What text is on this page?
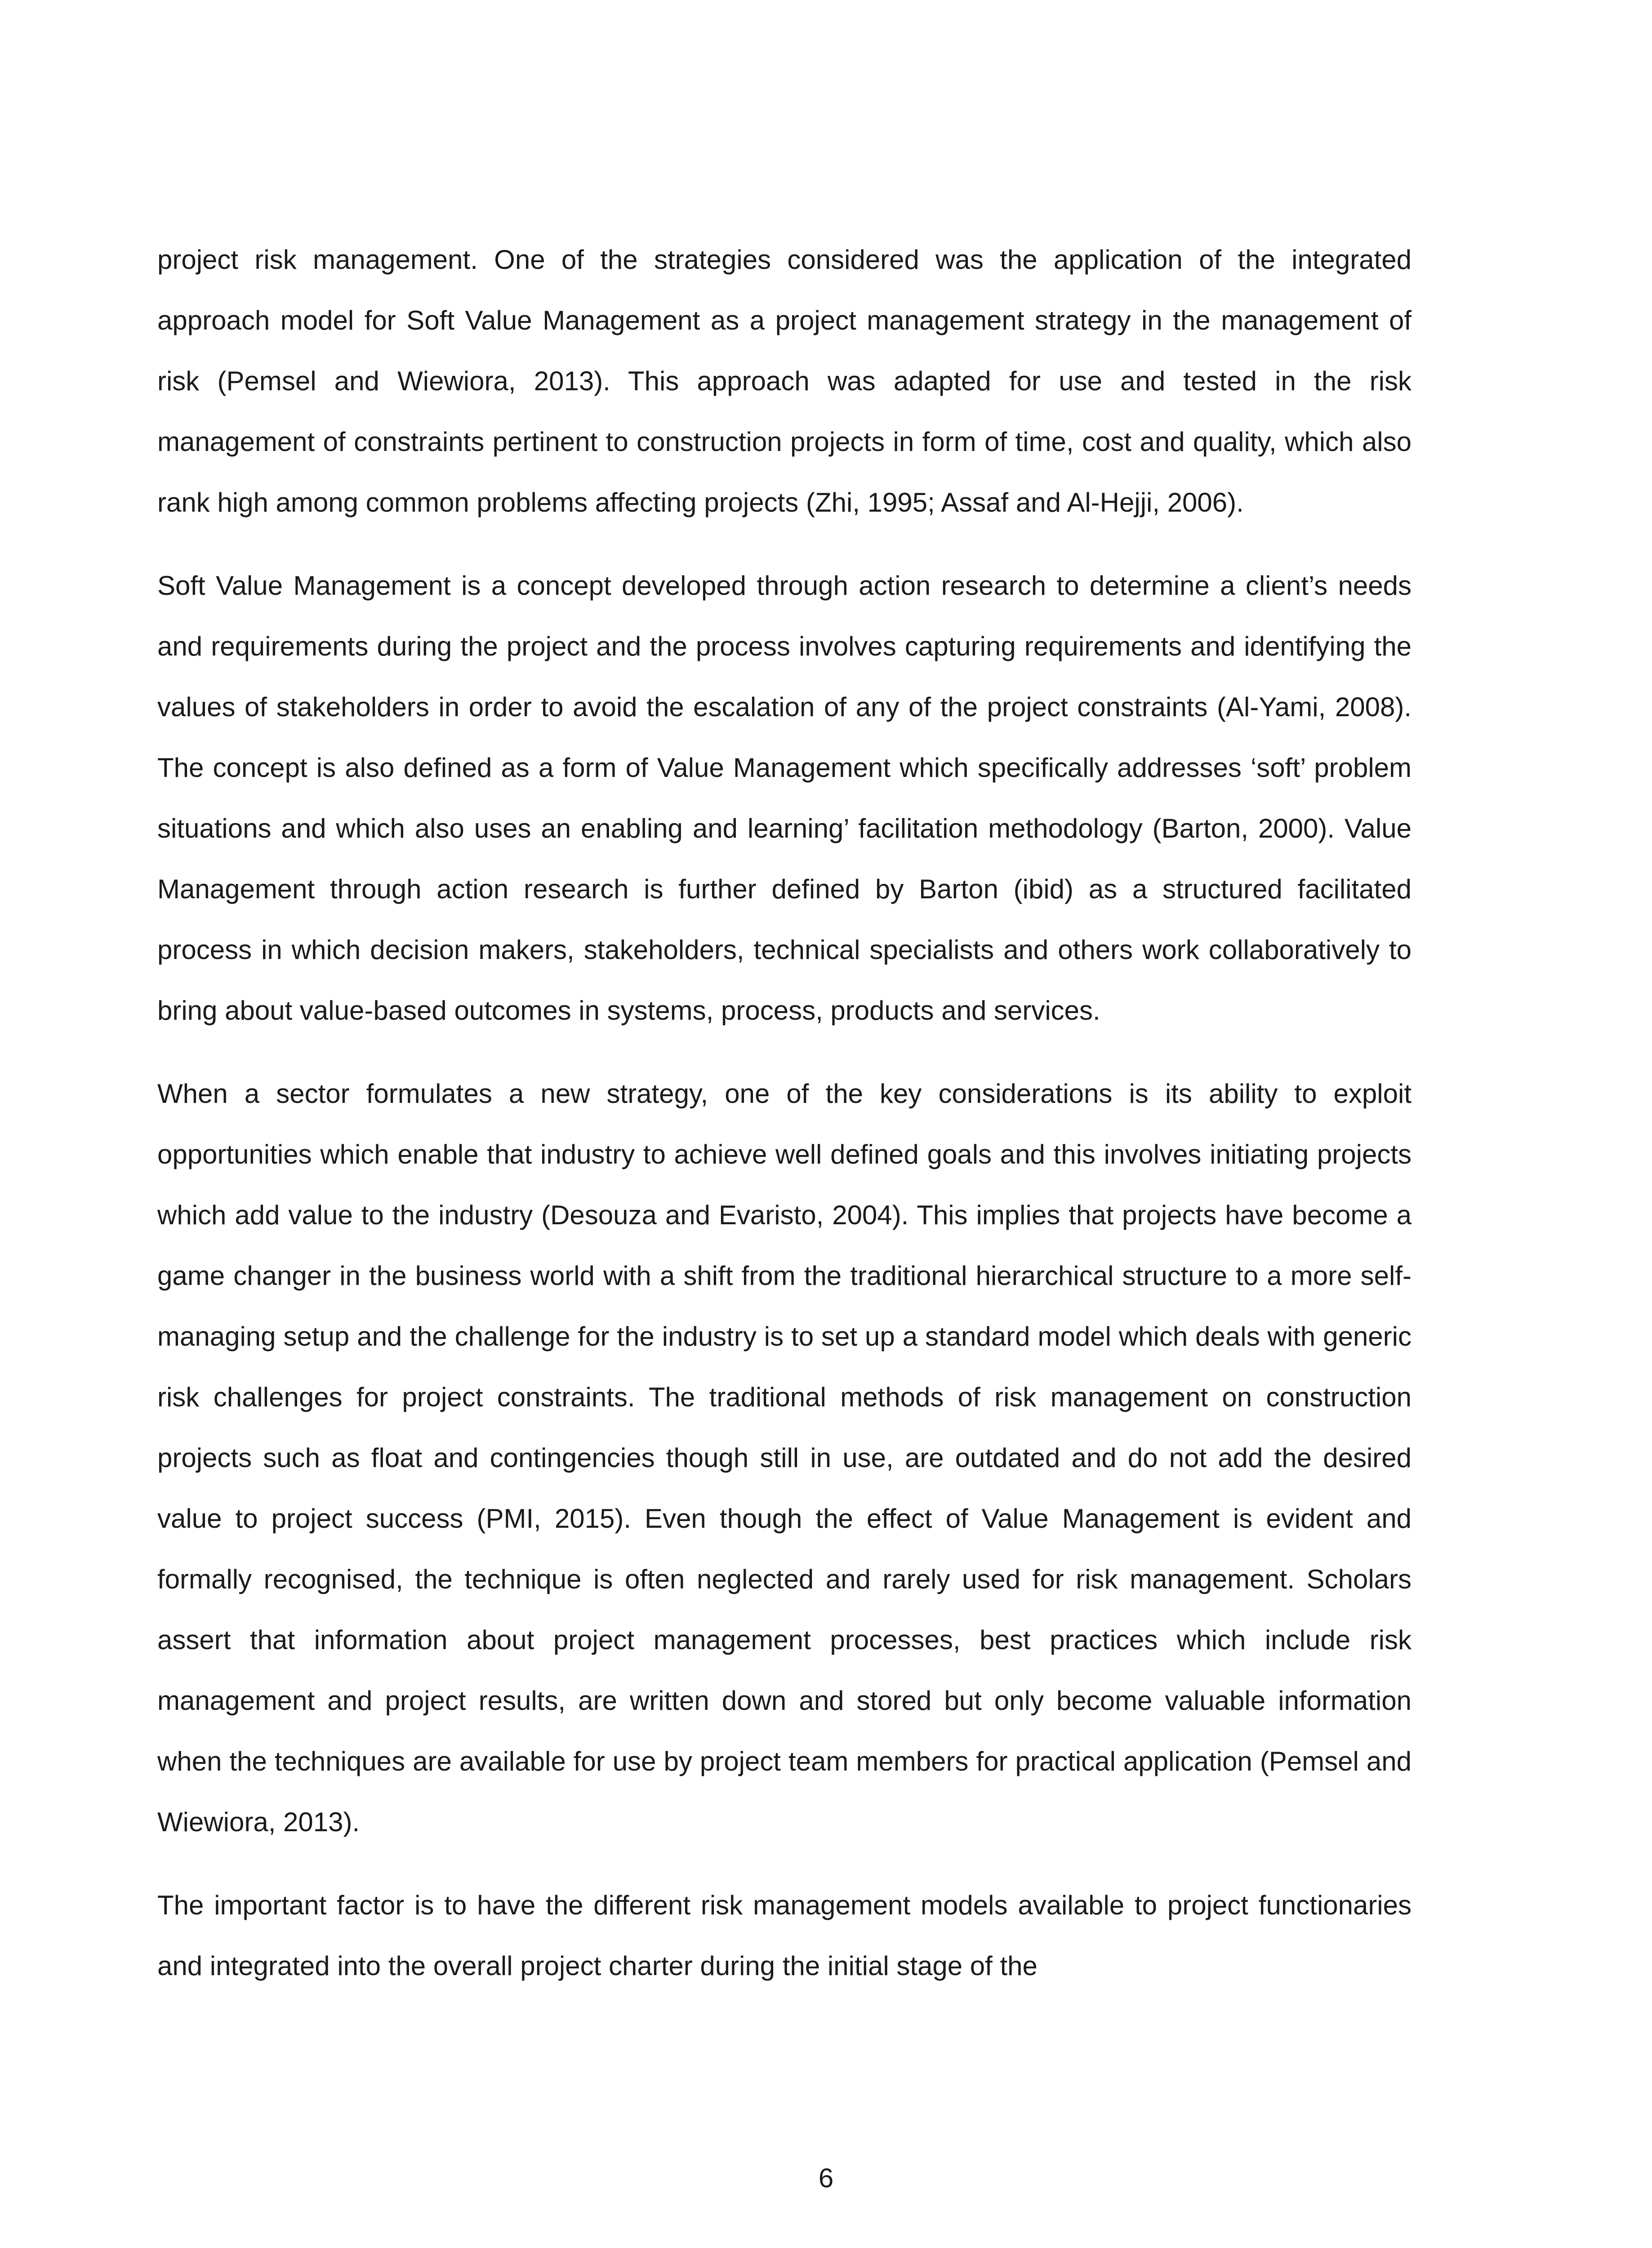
project risk management. One of the strategies considered was the application of the integrated approach model for Soft Value Management as a project management strategy in the management of risk (Pemsel and Wiewiora, 2013). This approach was adapted for use and tested in the risk management of constraints pertinent to construction projects in form of time, cost and quality, which also rank high among common problems affecting projects (Zhi, 1995; Assaf and Al-Hejji, 2006).

Soft Value Management is a concept developed through action research to determine a client’s needs and requirements during the project and the process involves capturing requirements and identifying the values of stakeholders in order to avoid the escalation of any of the project constraints (Al-Yami, 2008). The concept is also defined as a form of Value Management which specifically addresses ‘soft’ problem situations and which also uses an enabling and learning’ facilitation methodology (Barton, 2000). Value Management through action research is further defined by Barton (ibid) as a structured facilitated process in which decision makers, stakeholders, technical specialists and others work collaboratively to bring about value-based outcomes in systems, process, products and services.

When a sector formulates a new strategy, one of the key considerations is its ability to exploit opportunities which enable that industry to achieve well defined goals and this involves initiating projects which add value to the industry (Desouza and Evaristo, 2004). This implies that projects have become a game changer in the business world with a shift from the traditional hierarchical structure to a more self-managing setup and the challenge for the industry is to set up a standard model which deals with generic risk challenges for project constraints. The traditional methods of risk management on construction projects such as float and contingencies though still in use, are outdated and do not add the desired value to project success (PMI, 2015). Even though the effect of Value Management is evident and formally recognised, the technique is often neglected and rarely used for risk management. Scholars assert that information about project management processes, best practices which include risk management and project results, are written down and stored but only become valuable information when the techniques are available for use by project team members for practical application (Pemsel and Wiewiora, 2013).

The important factor is to have the different risk management models available to project functionaries and integrated into the overall project charter during the initial stage of the

6
